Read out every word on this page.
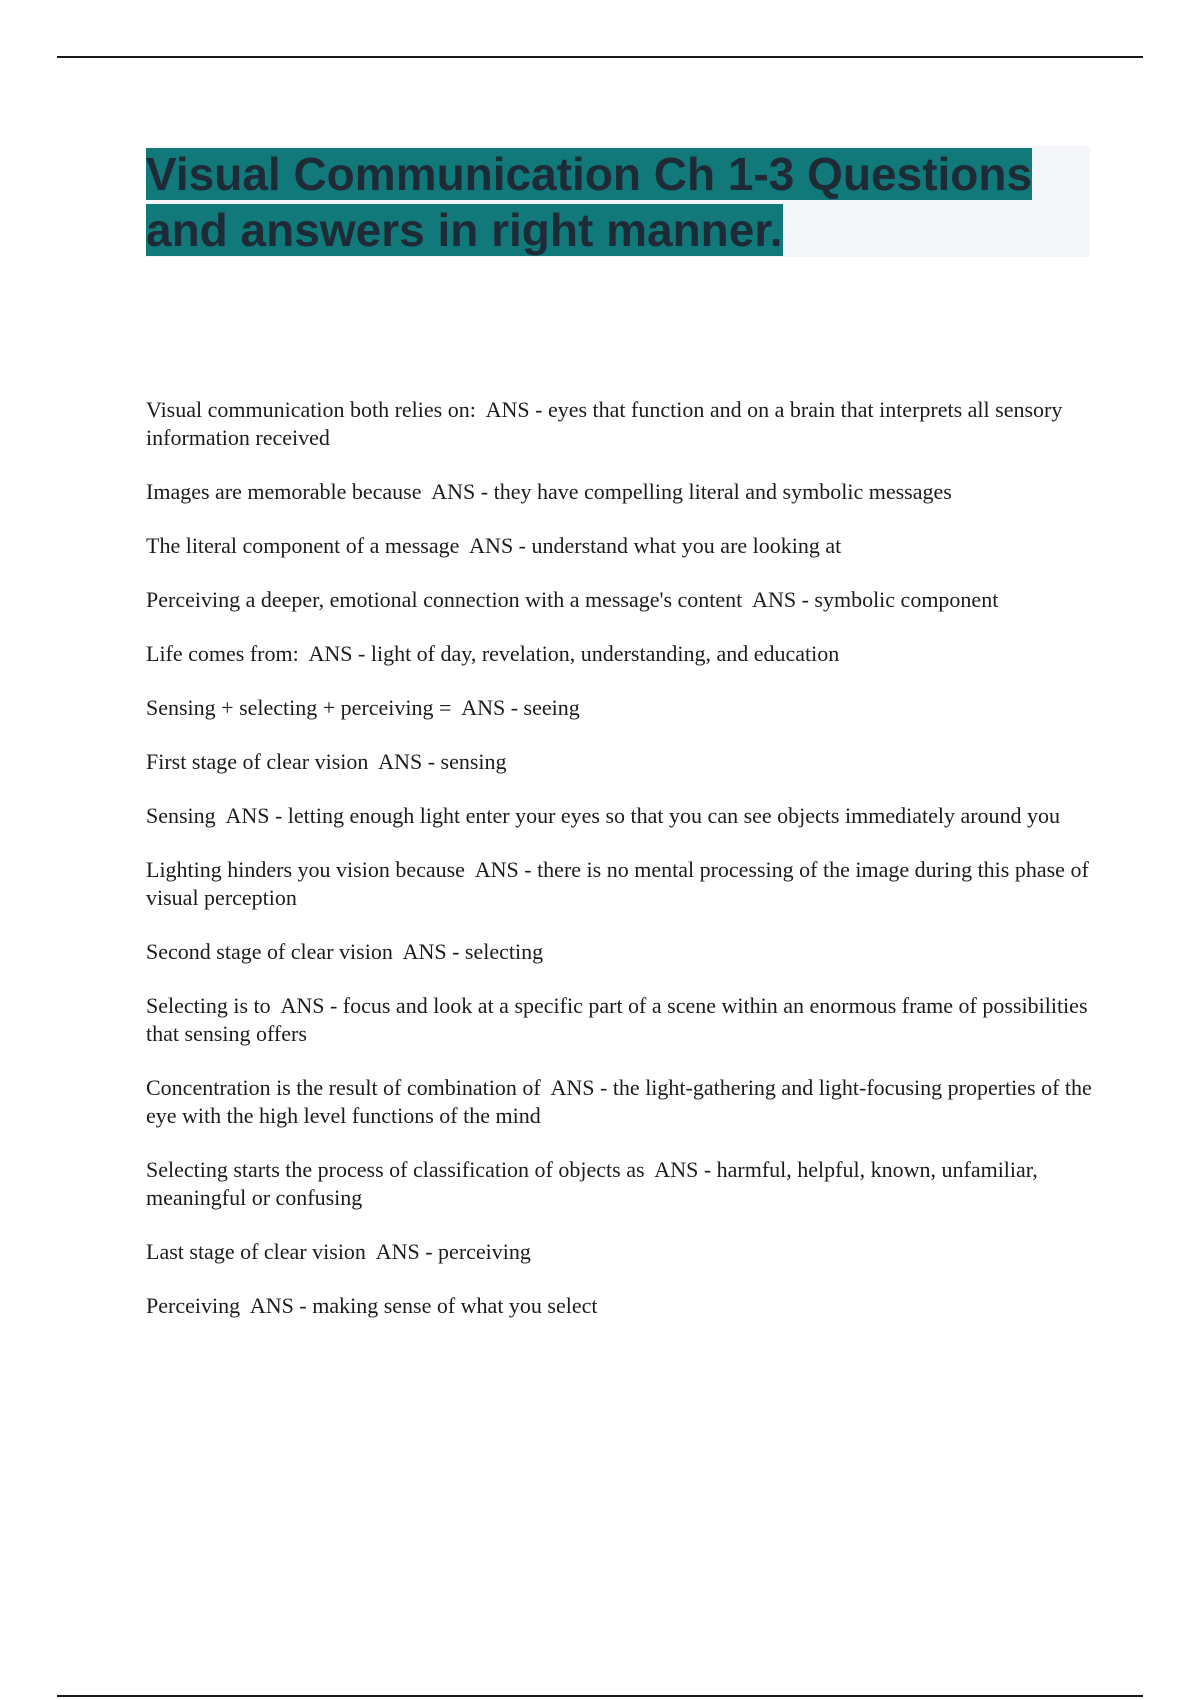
Visual Communication Ch 1-3 Questions
and answers in right manner.
Visual communication both relies on:  ANS - eyes that function and on a brain that interprets all sensory information received
Images are memorable because  ANS - they have compelling literal and symbolic messages
The literal component of a message  ANS - understand what you are looking at
Perceiving a deeper, emotional connection with a message's content  ANS - symbolic component
Life comes from:  ANS - light of day, revelation, understanding, and education
Sensing + selecting + perceiving =  ANS - seeing
First stage of clear vision  ANS - sensing
Sensing  ANS - letting enough light enter your eyes so that you can see objects immediately around you
Lighting hinders you vision because  ANS - there is no mental processing of the image during this phase of visual perception
Second stage of clear vision  ANS - selecting
Selecting is to  ANS - focus and look at a specific part of a scene within an enormous frame of possibilities that sensing offers
Concentration is the result of combination of  ANS - the light-gathering and light-focusing properties of the eye with the high level functions of the mind
Selecting starts the process of classification of objects as  ANS - harmful, helpful, known, unfamiliar, meaningful or confusing
Last stage of clear vision  ANS - perceiving
Perceiving  ANS - making sense of what you select
